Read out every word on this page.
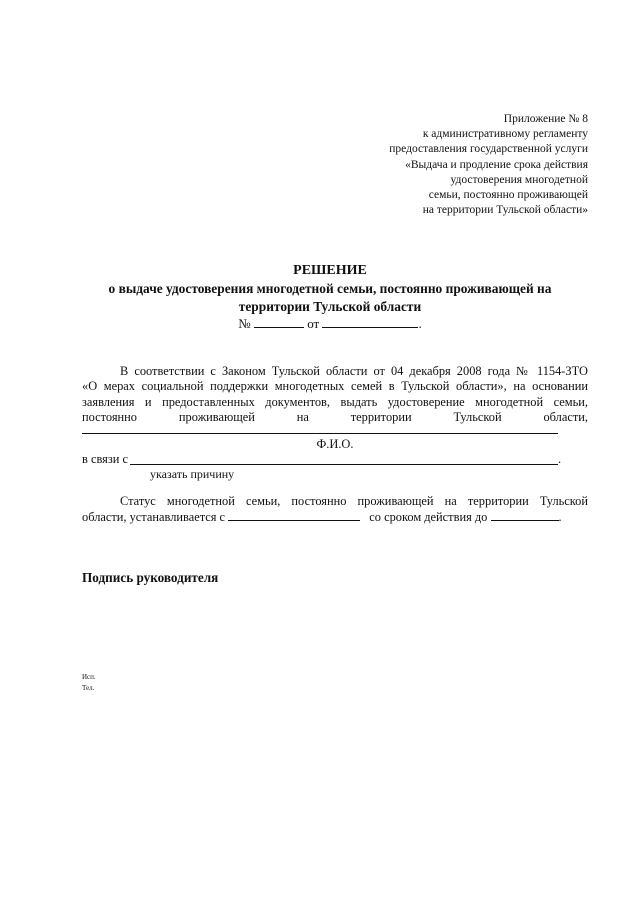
Приложение № 8
к административному регламенту
предоставления государственной услуги
«Выдача и продление срока действия
удостоверения многодетной
семьи, постоянно проживающей
на территории Тульской области»
РЕШЕНИЕ
о выдаче удостоверения многодетной семьи, постоянно проживающей на
территории Тульской области
№	от	.
В соответствии с Законом Тульской области от 04 декабря 2008 года № 1154-ЗТО
«О мерах социальной поддержки многодетных семей в Тульской области», на основании
заявления и предоставленных документов, выдать удостоверение многодетной семьи,
постоянно проживающей на территории Тульской области,
Ф.И.О.
в связи с	.
указать причину
Статус многодетной семьи, постоянно проживающей на территории Тульской
области, устанавливается с	со сроком действия до	.
Подпись руководителя
Исп.
Тел.
